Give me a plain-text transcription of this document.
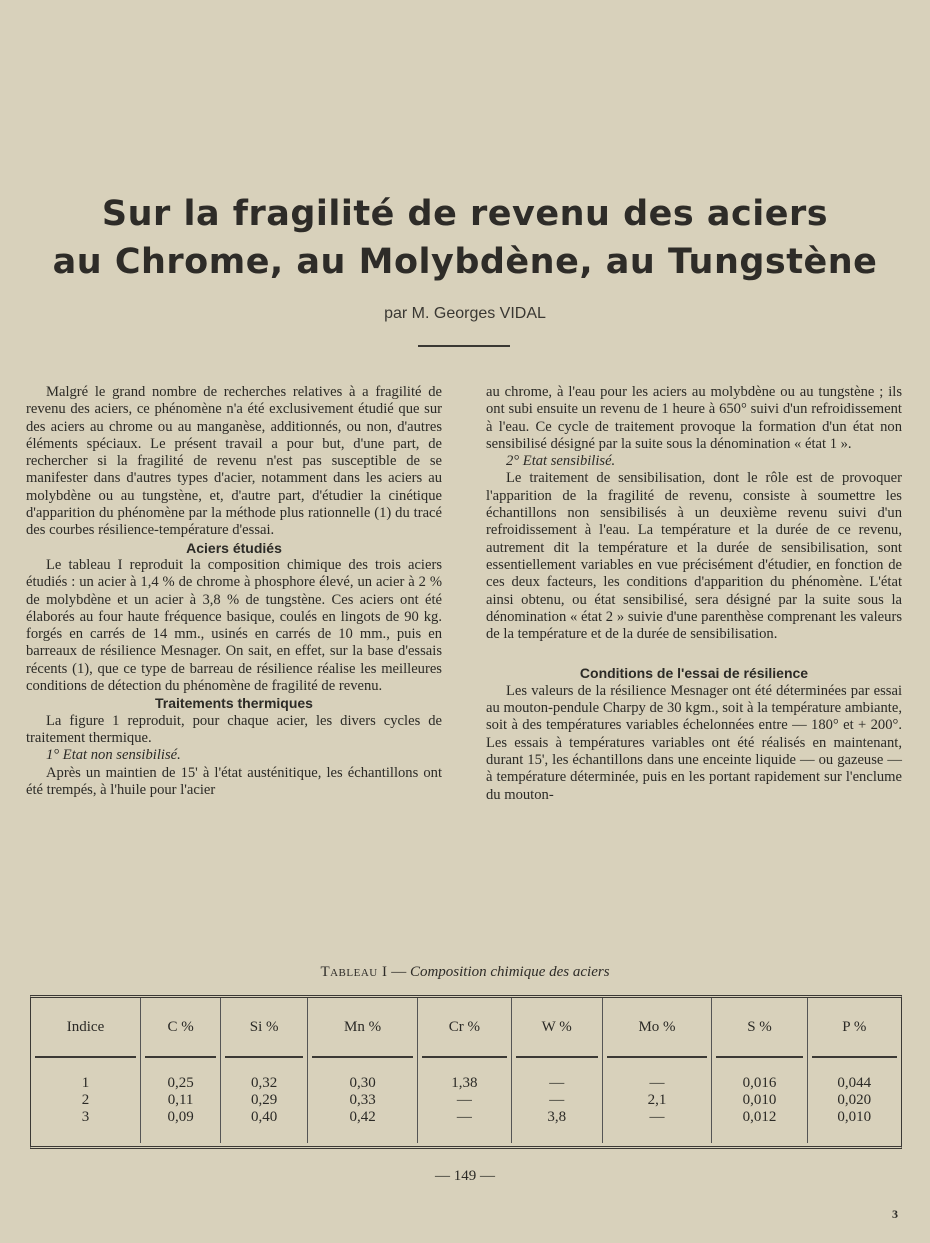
Sur la fragilité de revenu des aciers
au Chrome, au Molybdène, au Tungstène
par M. Georges VIDAL

Malgré le grand nombre de recherches relatives à a fragilité de revenu des aciers, ce phénomène n'a été exclusivement étudié que sur des aciers au chrome ou au manganèse, additionnés, ou non, d'autres éléments spéciaux. Le présent travail a pour but, d'une part, de rechercher si la fragilité de revenu n'est pas susceptible de se manifester dans d'autres types d'acier, notamment dans les aciers au molybdène ou au tungstène, et, d'autre part, d'étudier la cinétique d'apparition du phénomène par la méthode plus rationnelle (1) du tracé des courbes résilience-température d'essai.

Aciers étudiés

Le tableau I reproduit la composition chimique des trois aciers étudiés : un acier à 1,4 % de chrome à phosphore élevé, un acier à 2 % de molybdène et un acier à 3,8 % de tungstène. Ces aciers ont été élaborés au four haute fréquence basique, coulés en lingots de 90 kg. forgés en carrés de 14 mm., usinés en carrés de 10 mm., puis en barreaux de résilience Mesnager. On sait, en effet, sur la base d'essais récents (1), que ce type de barreau de résilience réalise les meilleures conditions de détection du phénomène de fragilité de revenu.

Traitements thermiques

La figure 1 reproduit, pour chaque acier, les divers cycles de traitement thermique.

1° Etat non sensibilisé.

Après un maintien de 15' à l'état austénitique, les échantillons ont été trempés, à l'huile pour l'acier

au chrome, à l'eau pour les aciers au molybdène ou au tungstène ; ils ont subi ensuite un revenu de 1 heure à 650° suivi d'un refroidissement à l'eau. Ce cycle de traitement provoque la formation d'un état non sensibilisé désigné par la suite sous la dénomination « état 1 ».

2° Etat sensibilisé.

Le traitement de sensibilisation, dont le rôle est de provoquer l'apparition de la fragilité de revenu, consiste à soumettre les échantillons non sensibilisés à un deuxième revenu suivi d'un refroidissement à l'eau. La température et la durée de ce revenu, autrement dit la température et la durée de sensibilisation, sont essentiellement variables en vue précisément d'étudier, en fonction de ces deux facteurs, les conditions d'apparition du phénomène. L'état ainsi obtenu, ou état sensibilisé, sera désigné par la suite sous la dénomination « état 2 » suivie d'une parenthèse comprenant les valeurs de la température et de la durée de sensibilisation.

Conditions de l'essai de résilience

Les valeurs de la résilience Mesnager ont été déterminées par essai au mouton-pendule Charpy de 30 kgm., soit à la température ambiante, soit à des températures variables échelonnées entre — 180° et + 200°. Les essais à températures variables ont été réalisés en maintenant, durant 15', les échantillons dans une enceinte liquide — ou gazeuse — à température déterminée, puis en les portant rapidement sur l'enclume du mouton-

Tableau I — Composition chimique des aciers
Indice	C %	Si %	Mn %	Cr %	W %	Mo %	S %	P %

1	0,25	0,32	0,30	1,38	—	—	0,016	0,044
2	0,11	0,29	0,33	—	—	2,1	0,010	0,020
3	0,09	0,40	0,42	—	3,8	—	0,012	0,010

— 149 —
3
